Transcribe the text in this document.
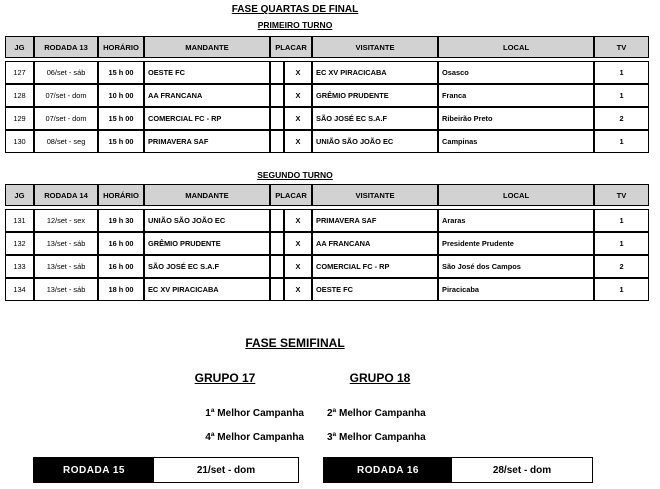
FASE QUARTAS DE FINAL
PRIMEIRO TURNO
JG	RODADA 13	HORÁRIO	MANDANTE	PLACAR		VISITANTE	LOCAL	TV

127	06/set - sáb	15 h 00	OESTE FC		X	EC XV PIRACICABA	Osasco	1
128	07/set - dom	10 h 00	AA FRANCANA		X	GRÊMIO PRUDENTE	Franca	1
129	07/set - dom	15 h 00	COMERCIAL FC - RP		X	SÃO JOSÉ EC S.A.F	Ribeirão Preto	2
130	08/set - seg	15 h 00	PRIMAVERA SAF		X	UNIÃO SÃO JOÃO EC	Campinas	1
SEGUNDO TURNO
JG	RODADA 14	HORÁRIO	MANDANTE	PLACAR		VISITANTE	LOCAL	TV

131	12/set - sex	19 h 30	UNIÃO SÃO JOÃO EC		X	PRIMAVERA SAF	Araras	1
132	13/set - sáb	16 h 00	GRÊMIO PRUDENTE		X	AA FRANCANA	Presidente Prudente	1
133	13/set - sáb	16 h 00	SÃO JOSÉ EC S.A.F		X	COMERCIAL FC - RP	São José dos Campos	2
134	13/set - sáb	18 h 00	EC XV PIRACICABA		X	OESTE FC	Piracicaba	1
FASE SEMIFINAL
GRUPO 17	GRUPO 18
1ª Melhor Campanha 2ª Melhor Campanha
4ª Melhor Campanha 3ª Melhor Campanha
RODADA 15	21/set - dom	RODADA 16	28/set - dom
